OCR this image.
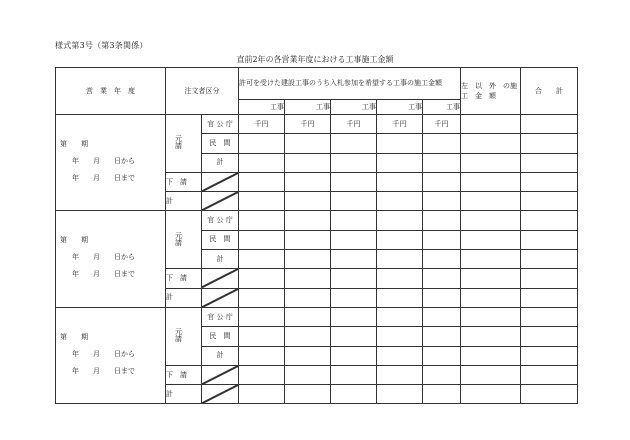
様式第3号（第3条関係）
直前2年の各営業年度における工事施工金額
営　業　年　度	注文者区分		許可を受けた建設工事のうち入札参加を希望する工事の施工金額					左　以　外　の施　工　金　額	合　　計
			工事	工事	工事	工事	工事		

第　　期
年　　月　　日から
年　　月　　日まで	元　請	官 公 庁	千円	千円	千円	千円	千円		
		民　間							
		計							
	下　請	

	計	

第　　期
年　　月　　日から
年　　月　　日まで	元　請	官 公 庁							
		民　間							
		計							
	下　請	

	計	

第　　期
年　　月　　日から
年　　月　　日まで	元　請	官 公 庁							
		民　間							
		計							
	下　請	

	計	
